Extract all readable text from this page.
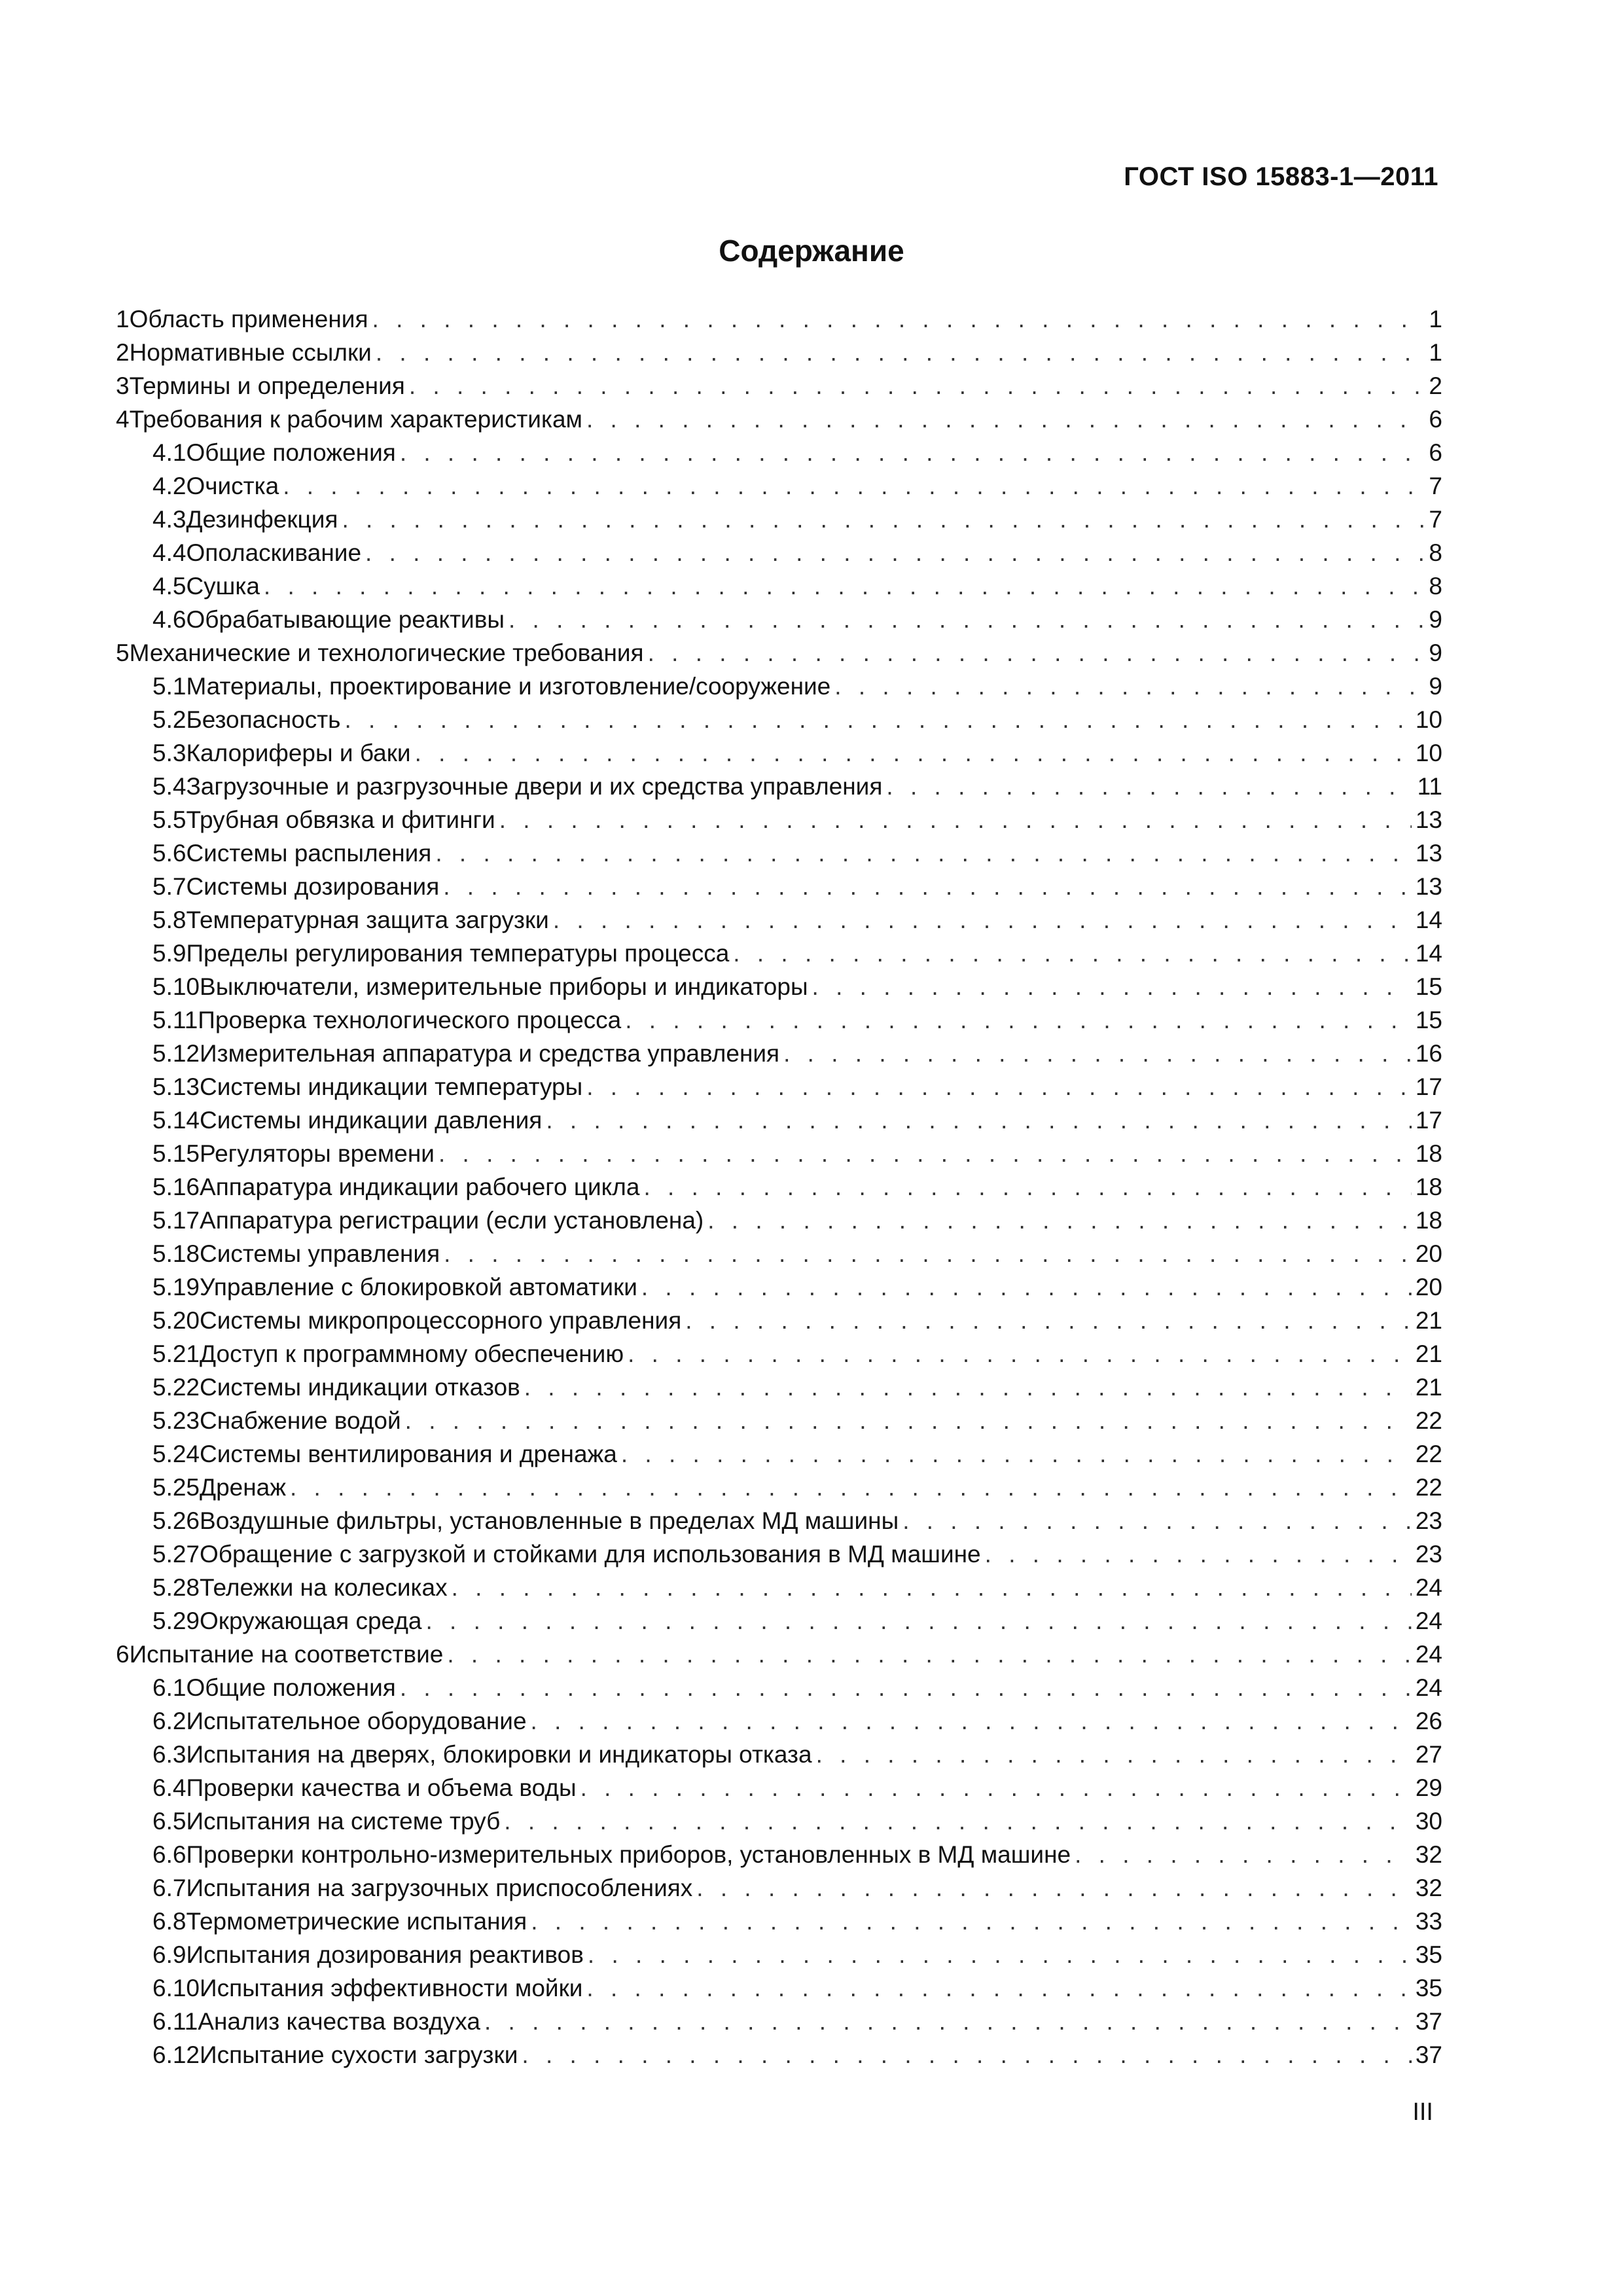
ГОСТ ISO 15883-1—2011
Содержание
1 Область применения . . .	1
2 Нормативные ссылки . . .	1
3 Термины и определения . . .	2
4 Требования к рабочим характеристикам . . .	6
4.1 Общие положения . . .	6
4.2 Очистка . . .	7
4.3 Дезинфекция . . .	7
4.4 Ополаскивание . . .	8
4.5 Сушка . . .	8
4.6 Обрабатывающие реактивы . . .	9
5 Механические и технологические требования . . .	9
5.1 Материалы, проектирование и изготовление/сооружение . . .	9
5.2 Безопасность . . .	10
5.3 Калориферы и баки . . .	10
5.4 Загрузочные и разгрузочные двери и их средства управления . . .	11
5.5 Трубная обвязка и фитинги . . .	13
5.6 Системы распыления . . .	13
5.7 Системы дозирования . . .	13
5.8 Температурная защита загрузки . . .	14
5.9 Пределы регулирования температуры процесса . . .	14
5.10 Выключатели, измерительные приборы и индикаторы . . .	15
5.11 Проверка технологического процесса . . .	15
5.12 Измерительная аппаратура и средства управления . . .	16
5.13 Системы индикации температуры . . .	17
5.14 Системы индикации давления . . .	17
5.15 Регуляторы времени . . .	18
5.16 Аппаратура индикации рабочего цикла . . .	18
5.17 Аппаратура регистрации (если установлена) . . .	18
5.18 Системы управления . . .	20
5.19 Управление с блокировкой автоматики . . .	20
5.20 Системы микропроцессорного управления . . .	21
5.21 Доступ к программному обеспечению . . .	21
5.22 Системы индикации отказов . . .	21
5.23 Снабжение водой . . .	22
5.24 Системы вентилирования и дренажа . . .	22
5.25 Дренаж . . .	22
5.26 Воздушные фильтры, установленные в пределах МД машины . . .	23
5.27 Обращение с загрузкой и стойками для использования в МД машине . . .	23
5.28 Тележки на колесиках . . .	24
5.29 Окружающая среда . . .	24
6 Испытание на соответствие . . .	24
6.1 Общие положения . . .	24
6.2 Испытательное оборудование . . .	26
6.3 Испытания на дверях, блокировки и индикаторы отказа . . .	27
6.4 Проверки качества и объема воды . . .	29
6.5 Испытания на системе труб . . .	30
6.6 Проверки контрольно-измерительных приборов, установленных в МД машине . . .	32
6.7 Испытания на загрузочных приспособлениях . . .	32
6.8 Термометрические испытания . . .	33
6.9 Испытания дозирования реактивов . . .	35
6.10 Испытания эффективности мойки . . .	35
6.11 Анализ качества воздуха . . .	37
6.12 Испытание сухости загрузки . . .	37
III
